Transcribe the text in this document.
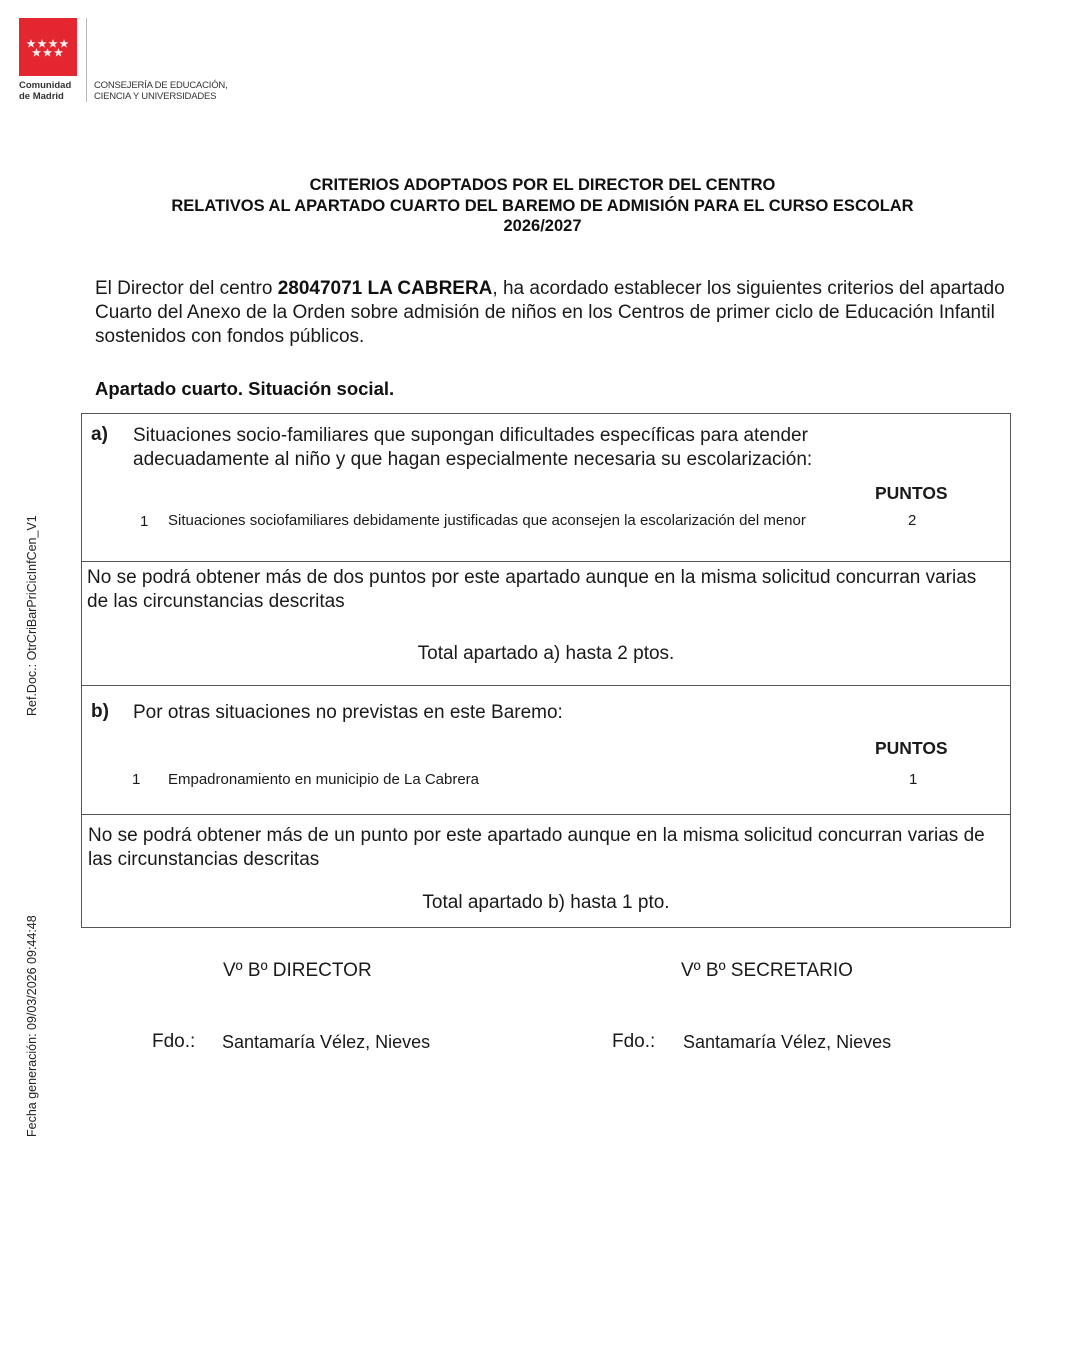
Comunidad
de Madrid
CONSEJERÍA DE EDUCACIÓN,
CIENCIA Y UNIVERSIDADES
CRITERIOS ADOPTADOS POR EL DIRECTOR DEL CENTRO
RELATIVOS AL APARTADO CUARTO DEL BAREMO DE ADMISIÓN PARA EL CURSO ESCOLAR
2026/2027
El Director del centro 28047071 LA CABRERA, ha acordado establecer los siguientes criterios del apartado Cuarto del Anexo de la Orden sobre admisión de niños en los Centros de primer ciclo de Educación Infantil sostenidos con fondos públicos.
Apartado cuarto. Situación social.
a) Situaciones socio-familiares que supongan dificultades específicas para atender adecuadamente al niño y que hagan especialmente necesaria su escolarización:
PUNTOS
1 Situaciones sociofamiliares debidamente justificadas que aconsejen la escolarización del menor	2
No se podrá obtener más de dos puntos por este apartado aunque en la misma solicitud concurran varias de las circunstancias descritas
Total apartado a) hasta 2 ptos.
b) Por otras situaciones no previstas en este Baremo:
PUNTOS
1 Empadronamiento en municipio de La Cabrera	1
No se podrá obtener más de un punto por este apartado aunque en la misma solicitud concurran varias de las circunstancias descritas
Total apartado b) hasta 1 pto.
Vº Bº DIRECTOR	Vº Bº SECRETARIO
Fdo.: Santamaría Vélez, Nieves	Fdo.: Santamaría Vélez, Nieves
Ref.Doc.: OtrCriBarPriCicInfCen_V1
Fecha generación: 09/03/2026 09:44:48
